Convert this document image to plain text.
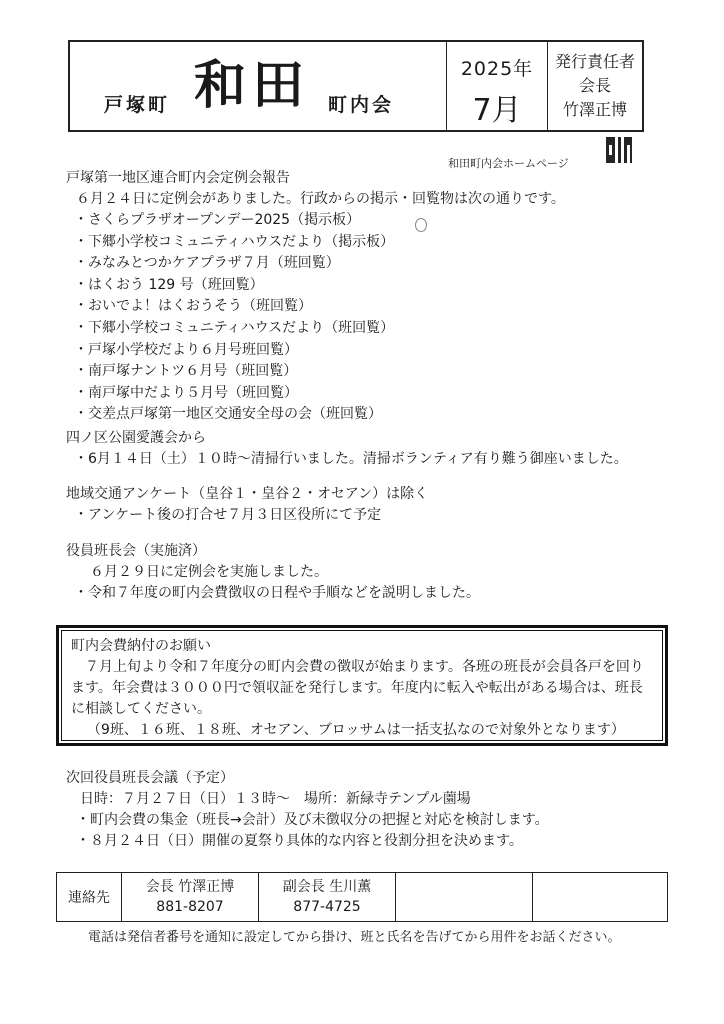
戸塚町 和田 町内会
2025年
7月
発行責任者
会長
竹澤正博
和田町内会ホームページ
戸塚第一地区連合町内会定例会報告
６月２４日に定例会がありました。行政からの掲示・回覧物は次の通りです。
・ さくらプラザオープンデー2025（掲示板）
・ 下郷小学校コミュニティハウスだより（掲示板）
・ みなみとつかケアプラザ７月（班回覧）
・ はくおう 129 号（班回覧）
・ おいでよ！はくおうそう（班回覧）
・ 下郷小学校コミュニティハウスだより（班回覧）
・ 戸塚小学校だより６月号班回覧）
・ 南戸塚ナントツ６月号（班回覧）
・ 南戸塚中だより５月号（班回覧）
・ 交差点戸塚第一地区交通安全母の会（班回覧）
四ノ区公園愛護会から
・ 6月１４日（土）１０時〜清掃行いました。清掃ボランティア有り難う御座いました。
地域交通アンケート（皇谷１・皇谷２・オセアン）は除く
・ アンケート後の打合せ７月３日区役所にて予定
役員班長会（実施済）
６月２９日に定例会を実施しました。
・ 令和７年度の町内会費徴収の日程や手順などを説明しました。
町内会費納付のお願い

７月上旬より令和７年度分の町内会費の徴収が始まります。各班の班長が会員各戸を回ります。年会費は３０００円で領収証を発行します。年度内に転入や転出がある場合は、班長に相談してください。

（9班、１６班、１８班、オセアン、ブロッサムは一括支払なので対象外となります）

次回役員班長会議（予定）
日時：７月２７日（日）１３時〜　場所：新緑寺テンプル薗場
・ 町内会費の集金（班長→会計）及び未徴収分の把握と対応を検討します。
・ ８月２４日（日）開催の夏祭り具体的な内容と役割分担を決めます。
連絡先
会長 竹澤正博
881-8207
副会長 生川薫
877-4725
電話は発信者番号を通知に設定してから掛け、班と氏名を告げてから用件をお話ください。
